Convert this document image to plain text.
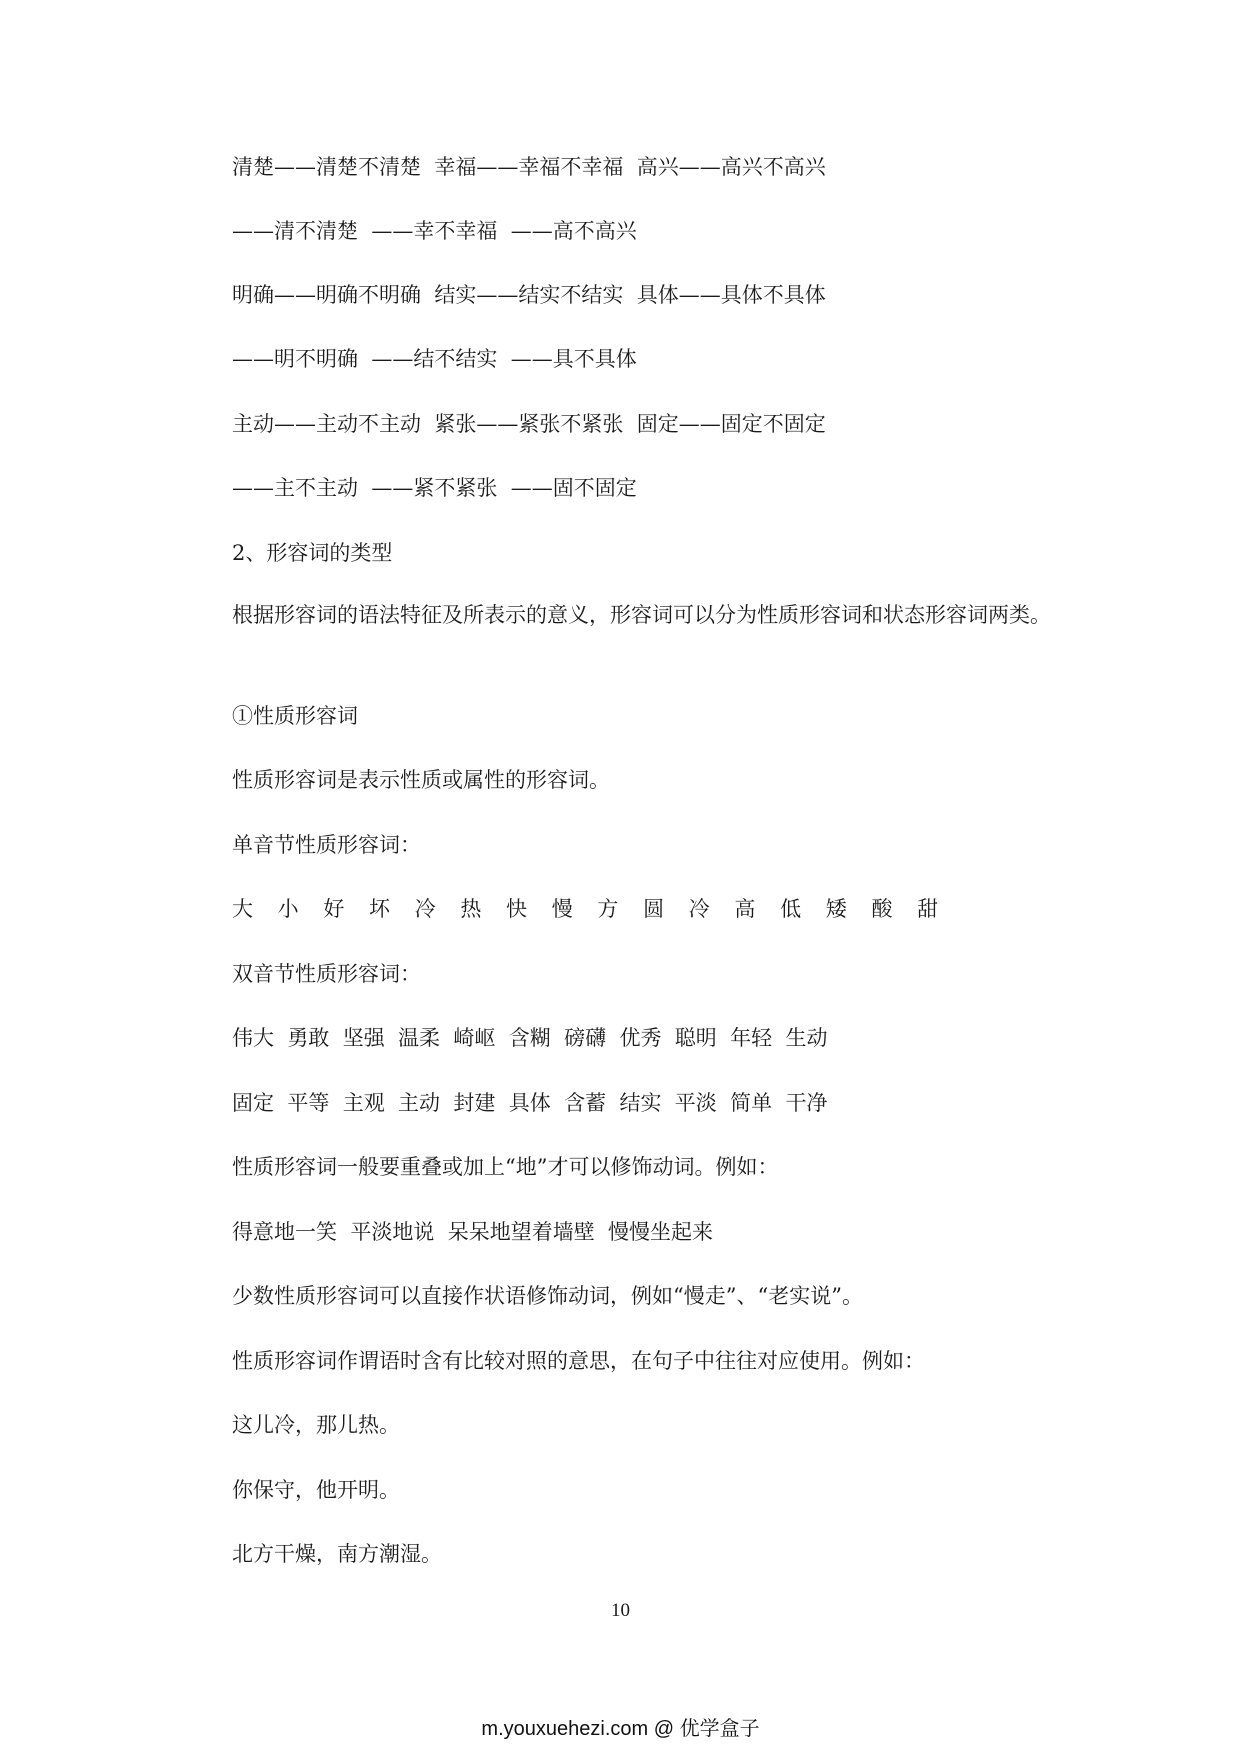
清楚——清楚不清楚  幸福——幸福不幸福  高兴——高兴不高兴

——清不清楚  ——幸不幸福  ——高不高兴

明确——明确不明确  结实——结实不结实  具体——具体不具体

——明不明确  ——结不结实  ——具不具体

主动——主动不主动  紧张——紧张不紧张  固定——固定不固定

——主不主动  ——紧不紧张  ——固不固定

2、形容词的类型

根据形容词的语法特征及所表示的意义，形容词可以分为性质形容词和状态形容词两类。

①性质形容词

性质形容词是表示性质或属性的形容词。

单音节性质形容词：

大 小 好 坏 冷 热 快 慢 方 圆 冷 高 低 矮 酸 甜

双音节性质形容词：

伟大  勇敢  坚强  温柔  崎岖  含糊  磅礴  优秀  聪明  年轻  生动

固定  平等  主观  主动  封建  具体  含蓄  结实  平淡  简单  干净

性质形容词一般要重叠或加上“地”才可以修饰动词。例如：

得意地一笑  平淡地说  呆呆地望着墙壁  慢慢坐起来

少数性质形容词可以直接作状语修饰动词，例如“慢走”、“老实说”。

性质形容词作谓语时含有比较对照的意思，在句子中往往对应使用。例如：

这儿冷，那儿热。

你保守，他开明。

北方干燥，南方潮湿。

10
m.youxuehezi.com @ 优学盒子
